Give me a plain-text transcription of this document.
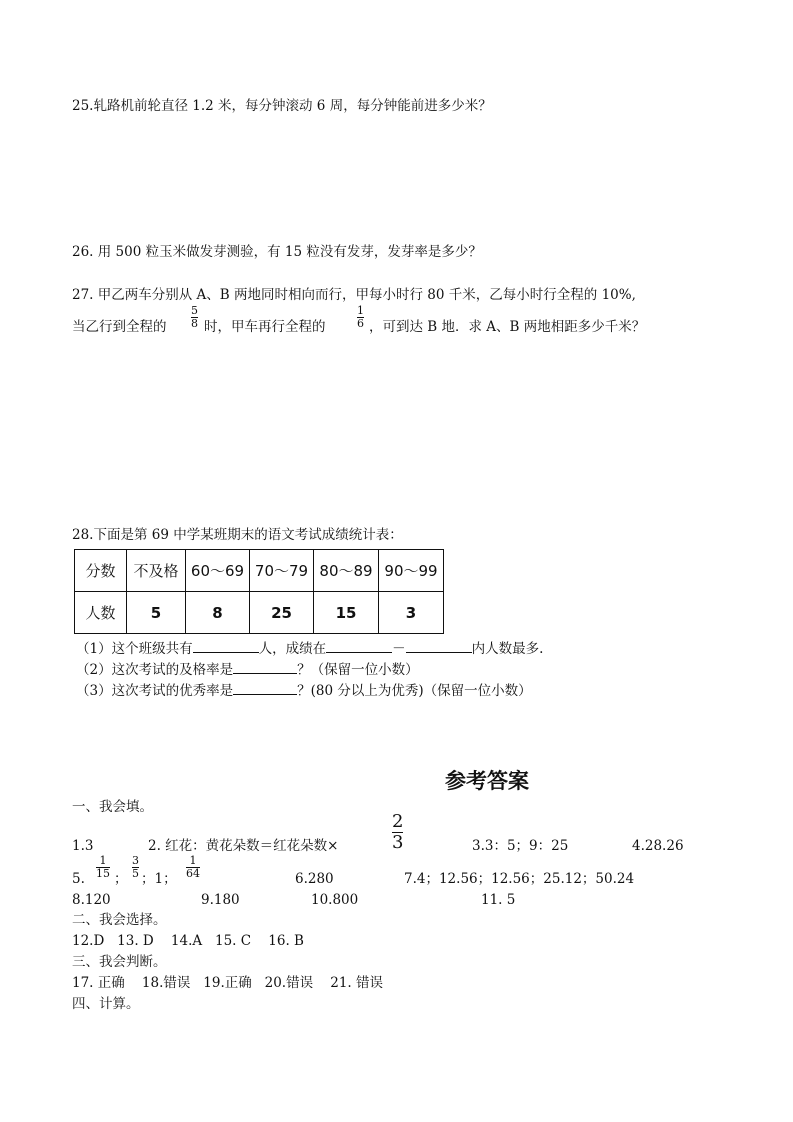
25.轧路机前轮直径 1.2 米，每分钟滚动 6 周，每分钟能前进多少米？
26. 用 500 粒玉米做发芽测验，有 15 粒没有发芽，发芽率是多少？
27. 甲乙两车分别从 A、B 两地同时相向而行，甲每小时行 80 千米，乙每小时行全程的 10%,
当乙行到全程的
5
8 时，甲车再行全程的
1
6 ，可到达 B 地．求 A、B 两地相距多少千米？
28.下面是第 69 中学某班期末的语文考试成绩统计表：
分数	不及格	60～69	70～79	80～89	90～99
人数	5	8	25	15	3
（1）这个班级共有	人，成绩在	－	内人数最多.
（2）这次考试的及格率是	？（保留一位小数）
（3）这次考试的优秀率是	？(80 分以上为优秀)（保留一位小数）
参考答案
一、我会填。
1.3	2. 红花：黄花朵数＝红花朵数×
2
3	3.3：5；9：25	4.28.26
5.
1
15 ；
3
5 ；1；
1
64	6.280	7.4；12.56；12.56；25.12；50.24
8.120	9.180	10.800	11. 5
二、我会选择。
12.D   13. D    14.A   15. C    16. B
三、我会判断。
17. 正确    18.错误   19.正确   20.错误    21. 错误
四、计算。
